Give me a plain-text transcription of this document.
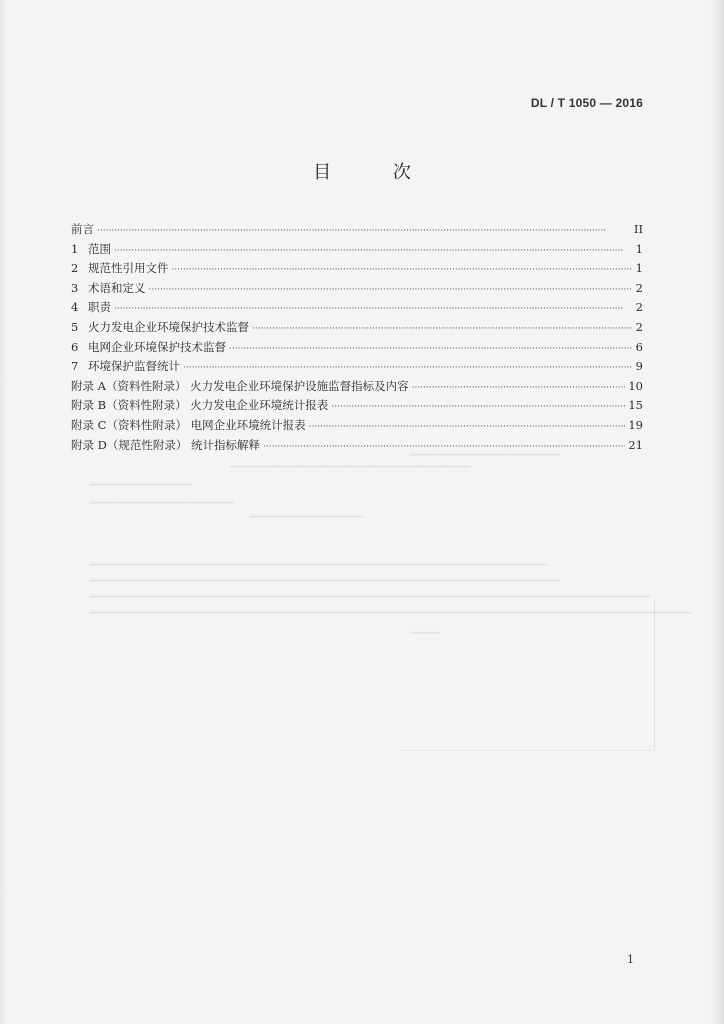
━━━━━━━━━━━━━━━━━━━━━━━━━
━━━━━━━━━━━━━━━━━━━━━━━━━━━━━━━━━━━━━━━━
━━━━━━━━━━━━━━━━━
━━━━━━━━━━━━━━━━━━━━━━━━
━━━━━━━━━━━━━━━━━━━
━━━━━━━━━━━━━━━━━━━━━━━━━━━━━━━━━━━━━━━━━━━━━━━━━━━━━━━━━━━━━━━━━━━━━━━━━━━━
━━━━━━━━━━━━━━━━━━━━━━━━━━━━━━━━━━━━━━━━━━━━━━━━━━━━━━━━━━━━━━━━━━━━━━━━━━━━━━
━━━━━━━━━━━━━━━━━━━━━━━━━━━━━━━━━━━━━━━━━━━━━━━━━━━━━━━━━━━━━━━━━━━━━━━━━━━━━━━━━━━━━━━━━━━━━
━━━━━━━━━━━━━━━━━━━━━━━━━━━━━━━━━━━━━━━━━━━━━━━━━━━━━━━━━━━━━━━━━━━━━━━━━━━━━━━━━━━━━━━━━━━━━━━━━━━━
━━━━━
DL / T 1050 — 2016
目 次
前言 ·····	II
1 范围 ·····	1
2 规范性引用文件 ·····	1
3 术语和定义 ·····	2
4 职责 ·····	2
5 火力发电企业环境保护技术监督 ·····	2
6 电网企业环境保护技术监督 ·····	6
7 环境保护监督统计 ·····	9
附录 A（资料性附录） 火力发电企业环境保护设施监督指标及内容 ·····	10
附录 B（资料性附录） 火力发电企业环境统计报表 ·····	15
附录 C（资料性附录） 电网企业环境统计报表 ·····	19
附录 D（规范性附录） 统计指标解释 ·····	21
1
